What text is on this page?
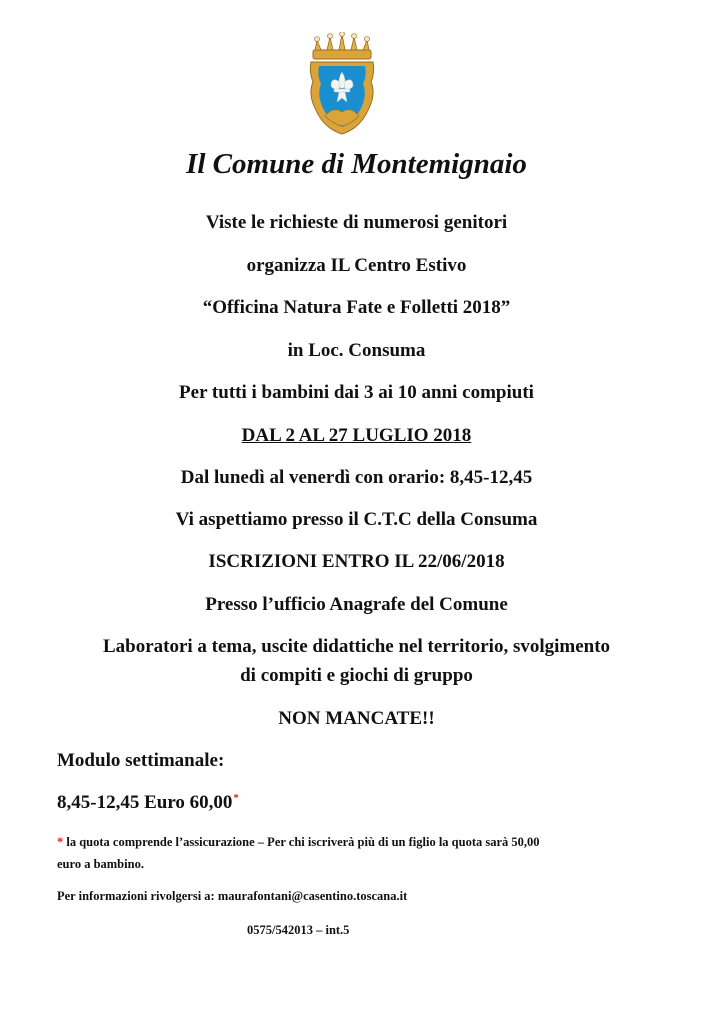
Il Comune di Montemignaio
Viste le richieste di numerosi genitori
organizza IL Centro Estivo
“Officina Natura Fate e Folletti 2018”
in Loc. Consuma
Per tutti i bambini dai 3 ai 10 anni compiuti
DAL 2 AL 27 LUGLIO 2018
Dal lunedì al venerdì con orario: 8,45-12,45
Vi aspettiamo presso il C.T.C della Consuma
ISCRIZIONI ENTRO IL 22/06/2018
Presso l’ufficio Anagrafe del Comune
Laboratori a tema, uscite didattiche nel territorio, svolgimento
di compiti e giochi di gruppo
NON MANCATE!!
Modulo settimanale:
8,45-12,45 Euro 60,00*
* la quota comprende l’assicurazione – Per chi iscriverà più di un figlio la quota sarà 50,00
euro a bambino.
Per informazioni rivolgersi a: maurafontani@casentino.toscana.it
0575/542013 – int.5
